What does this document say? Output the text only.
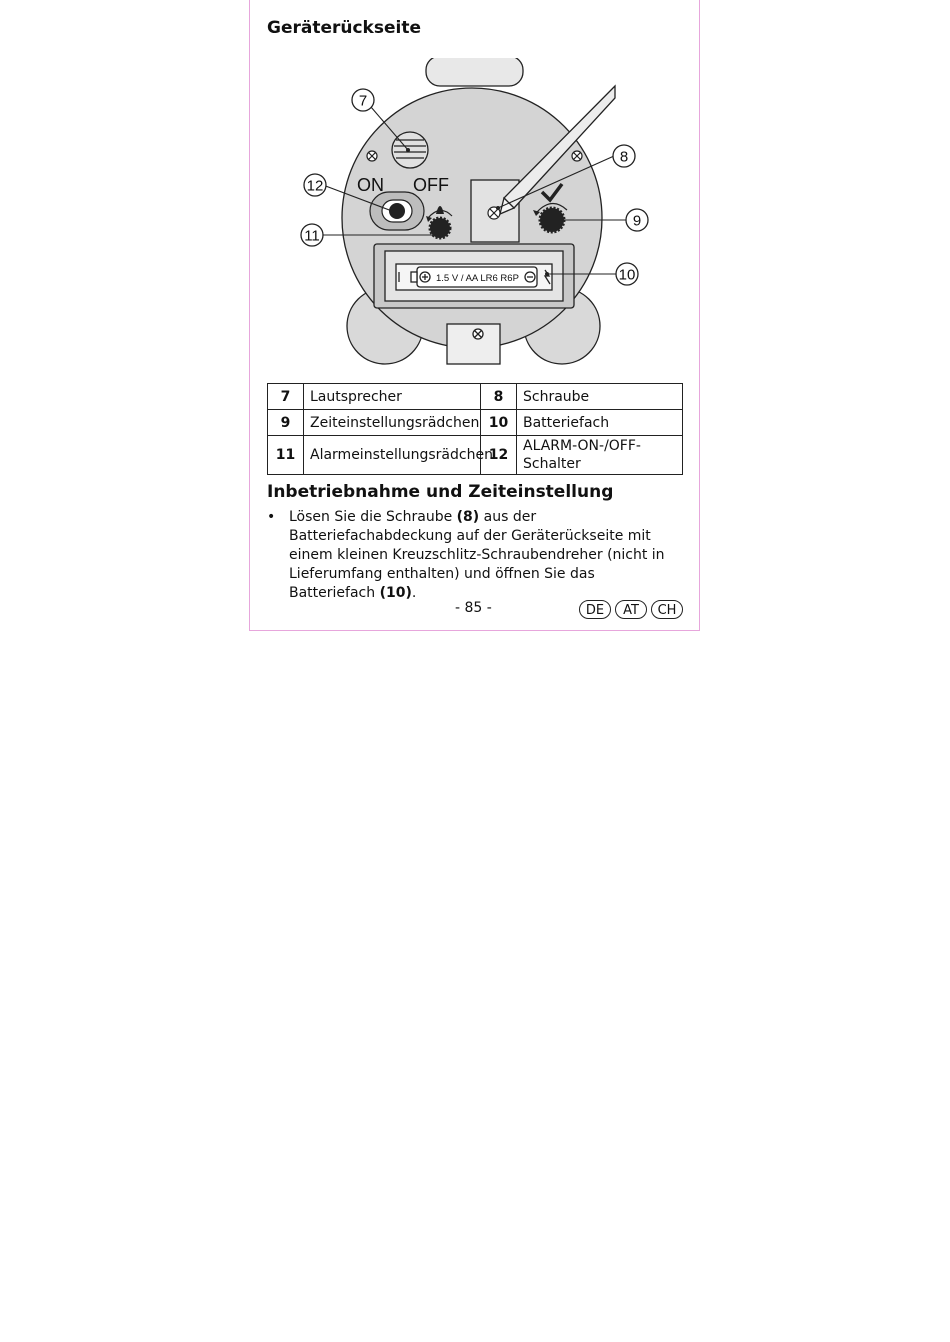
Geräterückseite
ON OFF
1.5 V / AA LR6 R6P
7
8
9
10
12
11
7	Lautsprecher	8	Schraube
9	Zeiteinstellungsrädchen	10	Batteriefach
11	Alarmeinstellungsrädchen	12	ALARM-ON-/OFF-Schalter
Inbetriebnahme und Zeiteinstellung
• Lösen Sie die Schraube (8) aus der Batteriefachabdeckung auf der Geräterückseite mit einem kleinen Kreuzschlitz-Schraubendreher (nicht in Lieferumfang enthalten) und öffnen Sie das Batteriefach (10).
- 85 -	DE	AT	CH
